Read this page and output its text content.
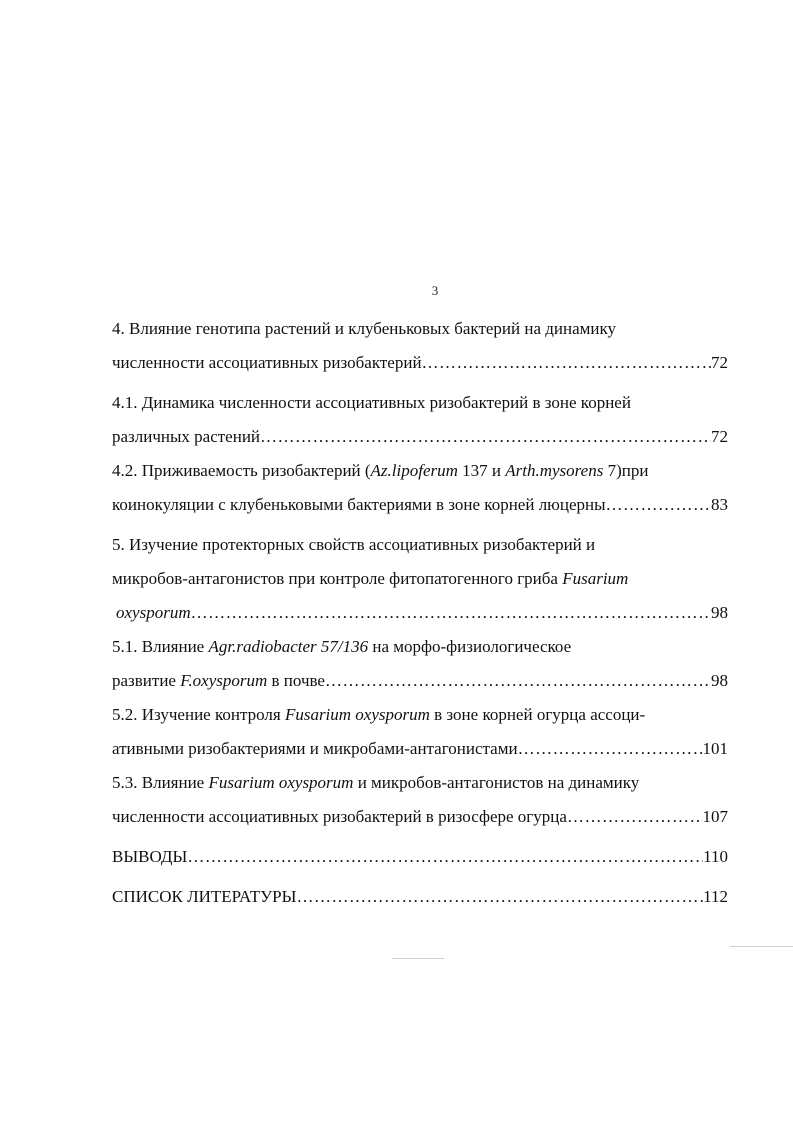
3
4. Влияние генотипа растений и клубеньковых бактерий на динамику
численности ассоциативных ризобактерий ……………………………………………………………………………………………………………………………………………………	72
4.1. Динамика численности ассоциативных ризобактерий в зоне корней
различных растений ……………………………………………………………………………………………………………………………………………………	72
4.2. Приживаемость ризобактерий (Az.lipoferum 137 и Arth.mysorens 7)при
коинокуляции с клубеньковыми бактериями в зоне корней люцерны ……………………………………………………………………………………………………………………………………………………	83
5. Изучение протекторных свойств ассоциативных ризобактерий и
микробов-антагонистов при контроле фитопатогенного гриба Fusarium
oxysporum ……………………………………………………………………………………………………………………………………………………	98
5.1. Влияние Agr.radiobacter 57/136 на морфо-физиологическое
развитие F.oxysporum в почве ……………………………………………………………………………………………………………………………………………………	98
5.2. Изучение контроля Fusarium oxysporum в зоне корней огурца ассоци-
ативными ризобактериями и микробами-антагонистами ……………………………………………………………………………………………………………………………………………………	101
5.3. Влияние Fusarium oxysporum и микробов-антагонистов на динамику
численности ассоциативных ризобактерий в ризосфере огурца ……………………………………………………………………………………………………………………………………………………	107
ВЫВОДЫ ……………………………………………………………………………………………………………………………………………………	110
СПИСОК ЛИТЕРАТУРЫ ……………………………………………………………………………………………………………………………………………………	112
